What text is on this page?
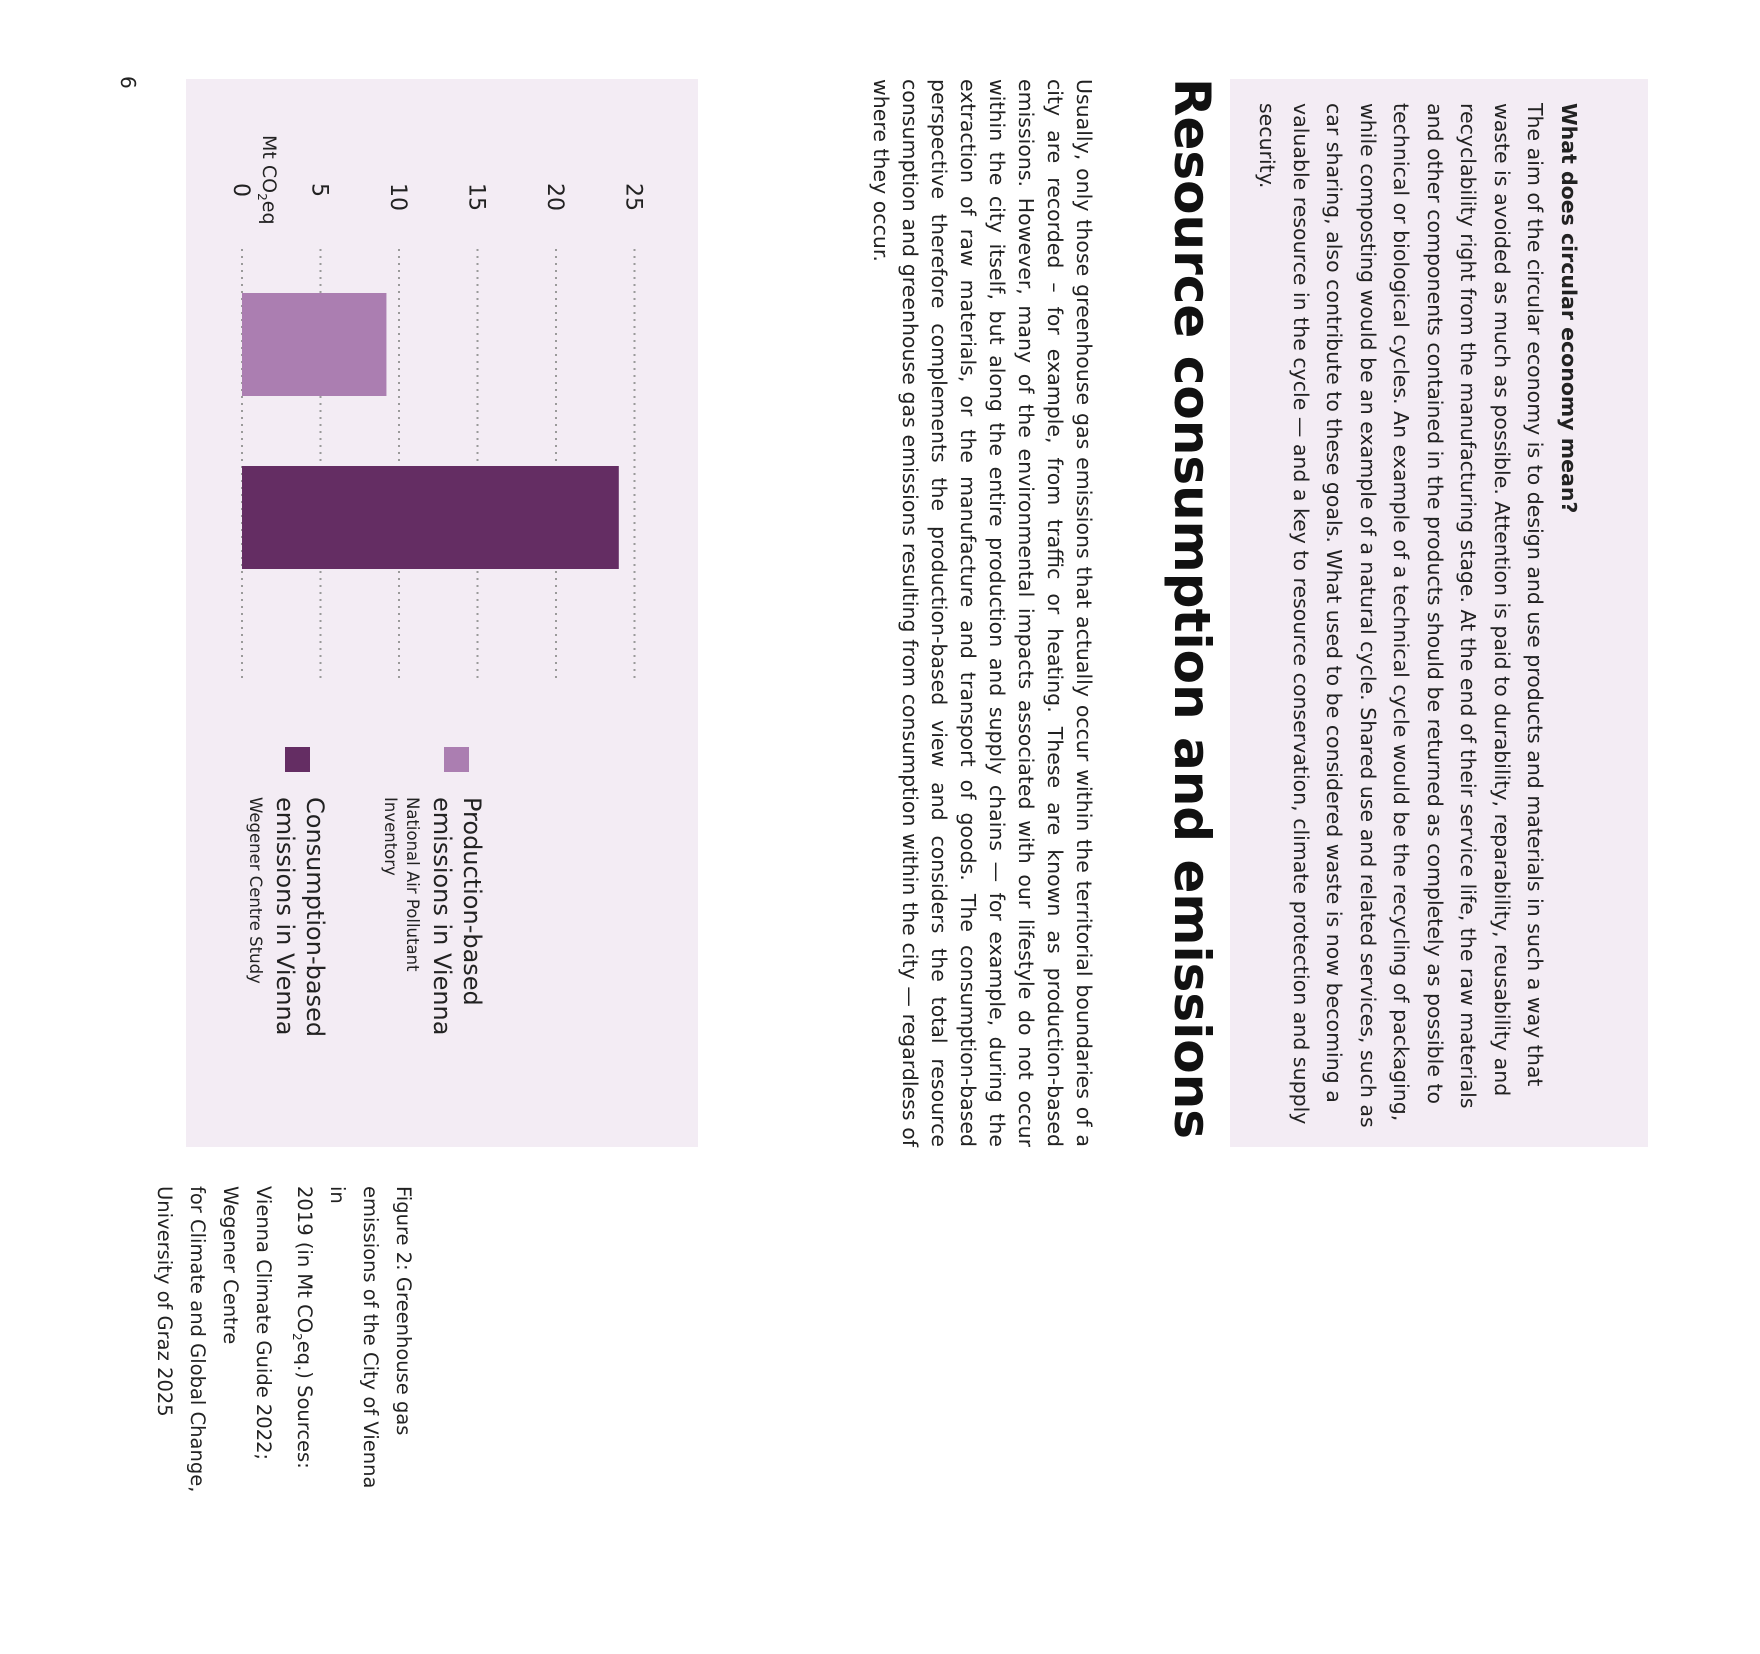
What does circular economy mean?

The aim of the circular economy is to design and use products and materials in such a way that waste is avoided as much as possible. Attention is paid to durability, reparability, reusability and recyclability right from the manufacturing stage. At the end of their service life, the raw materials and other components contained in the products should be returned as completely as possible to technical or biological cycles. An example of a technical cycle would be the recycling of packaging, while composting would be an example of a natural cycle. Shared use and related services, such as car sharing, also contribute to these goals. What used to be considered waste is now becoming a valuable resource in the cycle — and a key to resource conservation, climate protection and supply security.

Resource consumption and emissions

Usually, only those greenhouse gas emissions that actually occur within the territorial boundaries of a city are recorded – for example, from traffic or heating. These are known as production-based emissions. However, many of the environmental impacts associated with our lifestyle do not occur within the city itself, but along the entire production and supply chains — for example, during the extraction of raw materials, or the manufacture and transport of goods. The consumption-based perspective therefore complements the production-based view and considers the total resource consumption and greenhouse gas emissions resulting from consumption within the city — regardless of where they occur.

0 5 10 15 20 25
Mt $CO_2eq$
Production-based
emissions in Vienna
National Air Pollutant
Inventory
Consumption-based
emissions in Vienna
Wegener Centre Study
Figure 2: Greenhouse gas
emissions of the City of Vienna in
2019 (in Mt $CO_2eq$.) Sources:
Vienna Climate Guide 2022;
Wegener Centre
for Climate and Global Change,
University of Graz 2025
6
